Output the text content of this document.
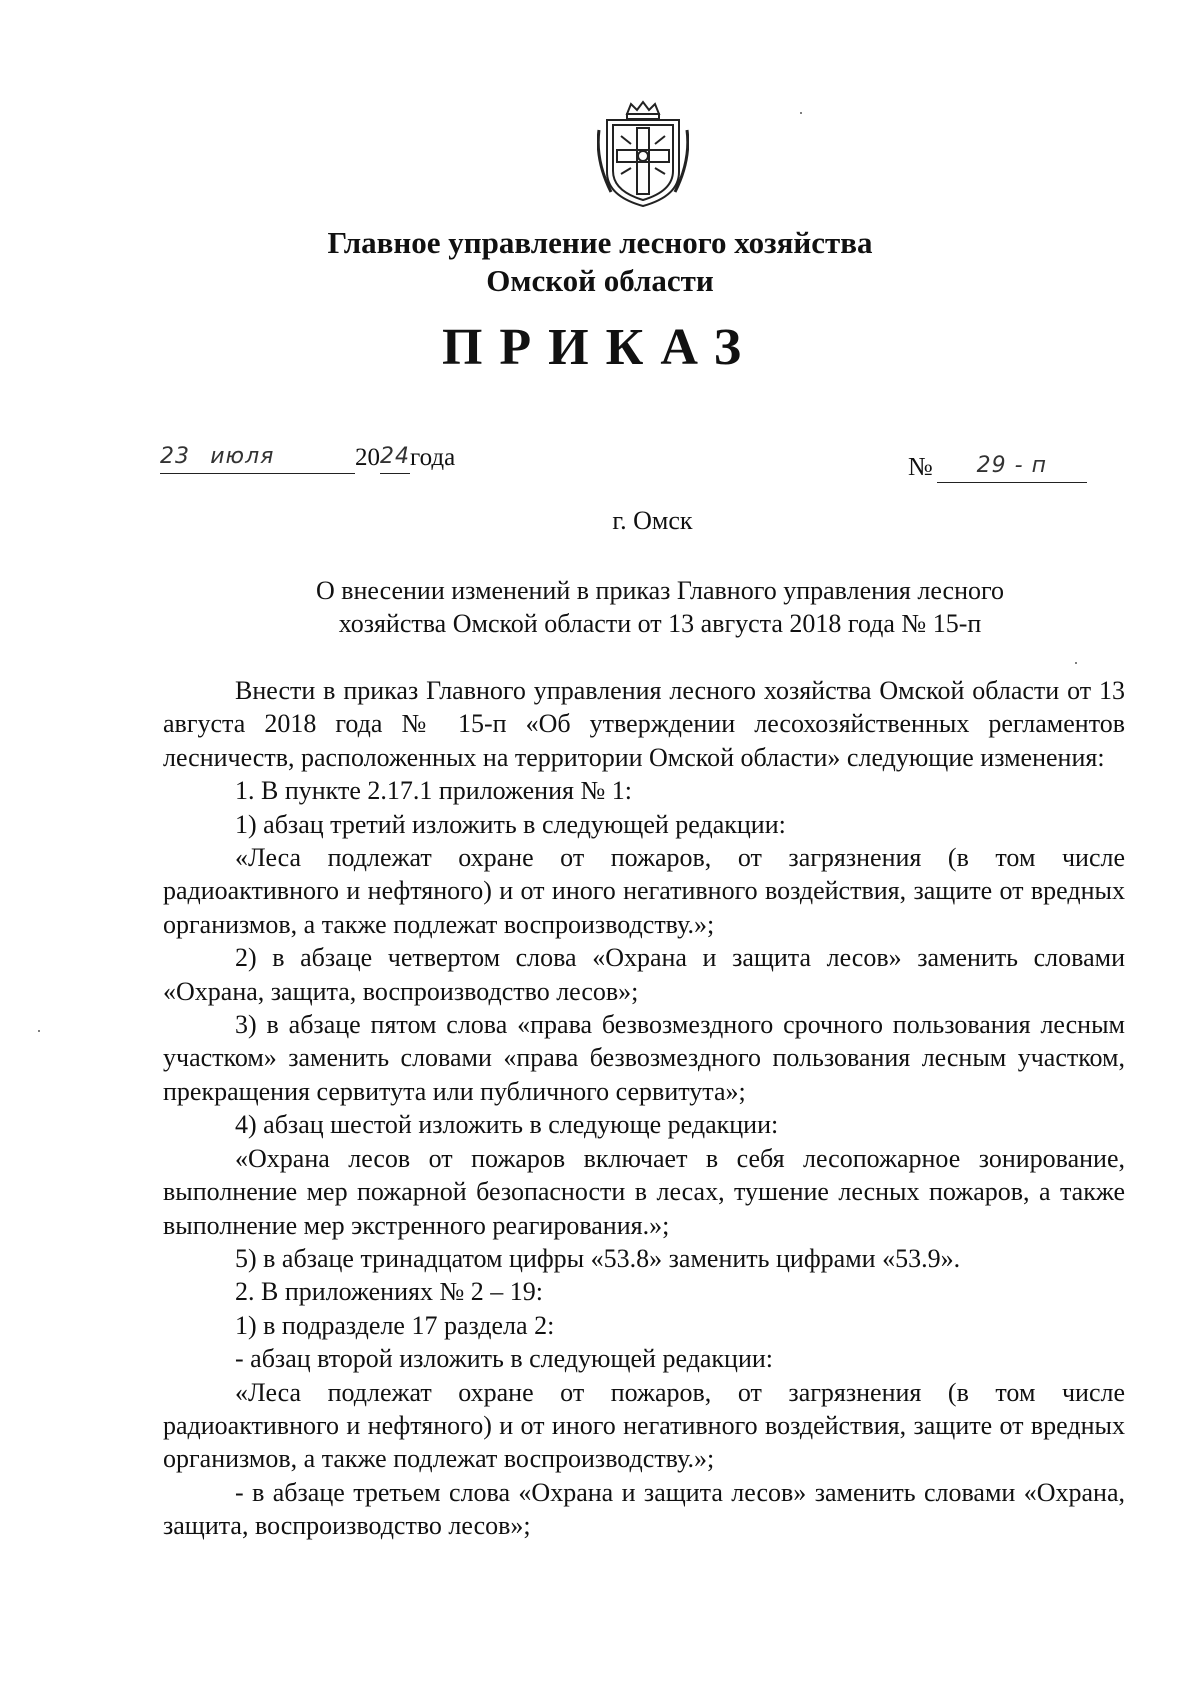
Главное управление лесного хозяйства
Омской области
ПРИКАЗ
23 июля	20 24 года	№	29 - п
г. Омск
О внесении изменений в приказ Главного управления лесного
хозяйства Омской области от 13 августа 2018 года № 15-п

Внести в приказ Главного управления лесного хозяйства Омской области от 13 августа 2018 года № 15-п «Об утверждении лесохозяйственных регламентов лесничеств, расположенных на территории Омской области» следующие изменения:

1. В пункте 2.17.1 приложения № 1:

1) абзац третий изложить в следующей редакции:

«Леса подлежат охране от пожаров, от загрязнения (в том числе радиоактивного и нефтяного) и от иного негативного воздействия, защите от вредных организмов, а также подлежат воспроизводству.»;

2) в абзаце четвертом слова «Охрана и защита лесов» заменить словами «Охрана, защита, воспроизводство лесов»;

3) в абзаце пятом слова «права безвозмездного срочного пользования лесным участком» заменить словами «права безвозмездного пользования лесным участком, прекращения сервитута или публичного сервитута»;

4) абзац шестой изложить в следующе редакции:

«Охрана лесов от пожаров включает в себя лесопожарное зонирование, выполнение мер пожарной безопасности в лесах, тушение лесных пожаров, а также выполнение мер экстренного реагирования.»;

5) в абзаце тринадцатом цифры «53.8» заменить цифрами «53.9».

2. В приложениях № 2 – 19:

1) в подразделе 17 раздела 2:

- абзац второй изложить в следующей редакции:

«Леса подлежат охране от пожаров, от загрязнения (в том числе радиоактивного и нефтяного) и от иного негативного воздействия, защите от вредных организмов, а также подлежат воспроизводству.»;

- в абзаце третьем слова «Охрана и защита лесов» заменить словами «Охрана, защита, воспроизводство лесов»;
